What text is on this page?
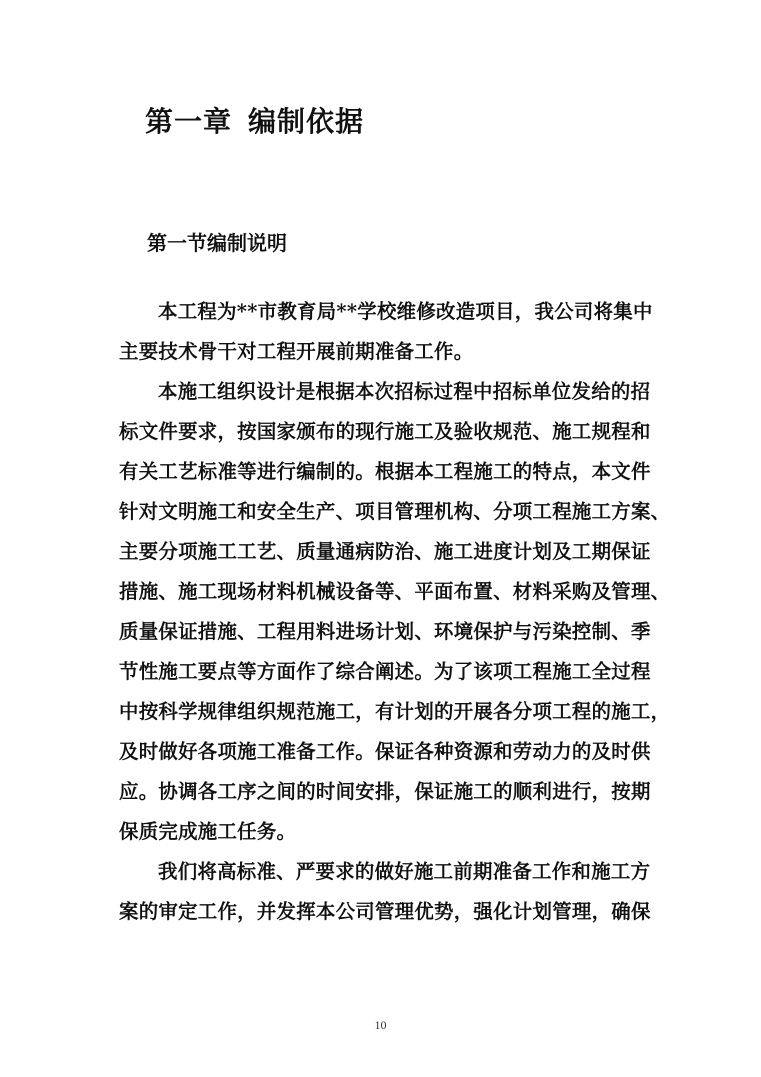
第一章 编制依据
第一节编制说明
本工程为**市教育局**学校维修改造项目，我公司将集中
主要技术骨干对工程开展前期准备工作。
本施工组织设计是根据本次招标过程中招标单位发给的招
标文件要求，按国家颁布的现行施工及验收规范、施工规程和
有关工艺标准等进行编制的。根据本工程施工的特点，本文件
针对文明施工和安全生产、项目管理机构、分项工程施工方案、
主要分项施工工艺、质量通病防治、施工进度计划及工期保证
措施、施工现场材料机械设备等、平面布置、材料采购及管理、
质量保证措施、工程用料进场计划、环境保护与污染控制、季
节性施工要点等方面作了综合阐述。为了该项工程施工全过程
中按科学规律组织规范施工，有计划的开展各分项工程的施工，
及时做好各项施工准备工作。保证各种资源和劳动力的及时供
应。协调各工序之间的时间安排，保证施工的顺利进行，按期
保质完成施工任务。
我们将高标准、严要求的做好施工前期准备工作和施工方
案的审定工作，并发挥本公司管理优势，强化计划管理，确保
10
